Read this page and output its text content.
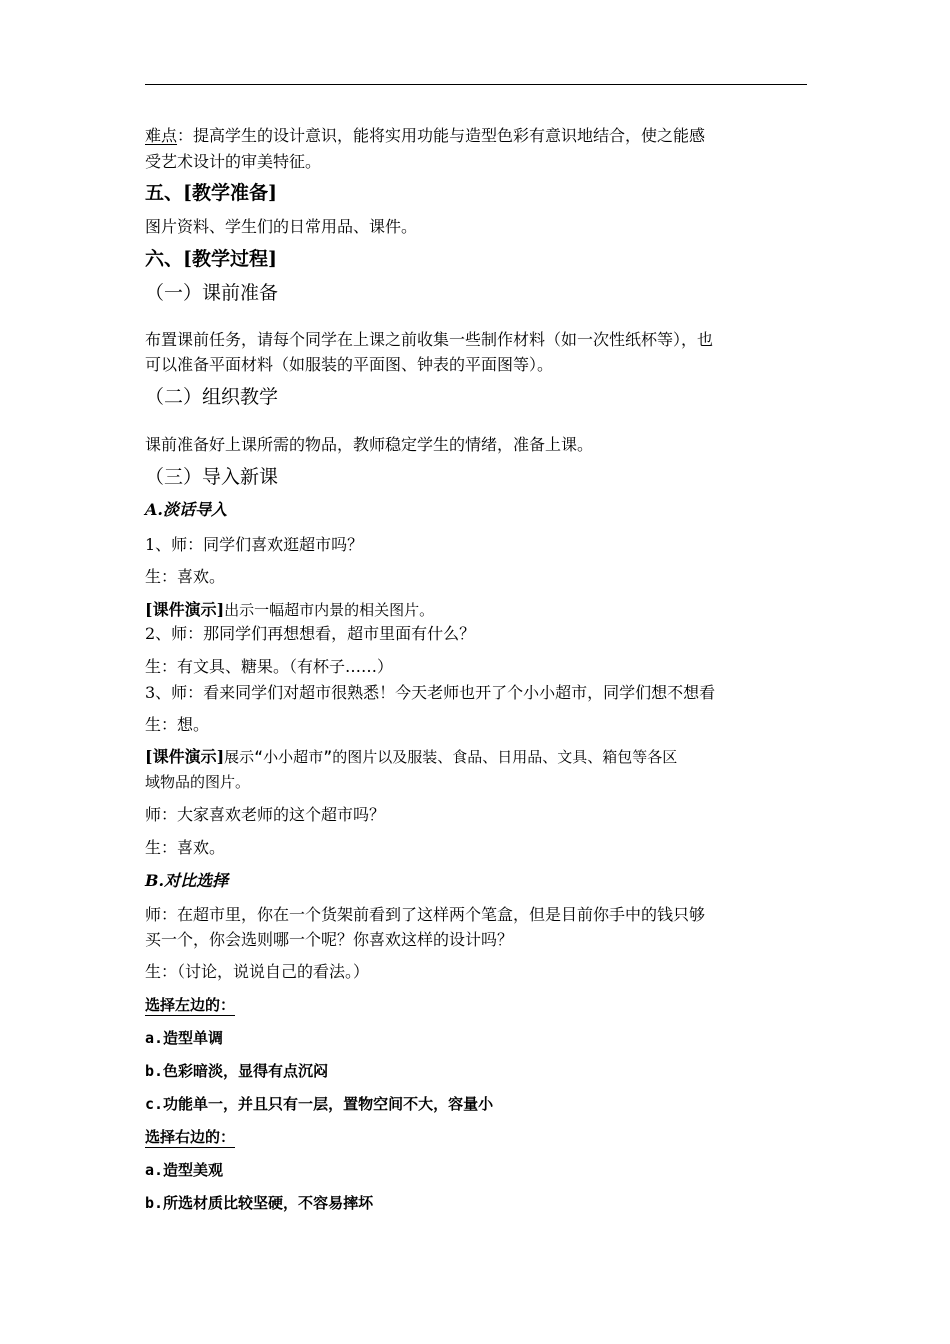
难点：提高学生的设计意识，能将实用功能与造型色彩有意识地结合，使之能感
受艺术设计的审美特征。
五、[教学准备]
图片资料、学生们的日常用品、课件。
六、[教学过程]
（一）课前准备
布置课前任务，请每个同学在上课之前收集一些制作材料（如一次性纸杯等），也
可以准备平面材料（如服装的平面图、钟表的平面图等）。
（二）组织教学
课前准备好上课所需的物品，教师稳定学生的情绪，准备上课。
（三）导入新课
A.淡话导入
1、师：同学们喜欢逛超市吗？
生：喜欢。
[课件演示]出示一幅超市内景的相关图片。
2、师：那同学们再想想看，超市里面有什么？
生：有文具、糖果。（有杯子……）
3、师：看来同学们对超市很熟悉！今天老师也开了个小小超市，同学们想不想看
生：想。
[课件演示]展示“小小超市”的图片以及服装、食品、日用品、文具、箱包等各区
域物品的图片。
师：大家喜欢老师的这个超市吗？
生：喜欢。
B.对比选择
师：在超市里，你在一个货架前看到了这样两个笔盒，但是目前你手中的钱只够
买一个，你会选则哪一个呢？你喜欢这样的设计吗？
生：（讨论，说说自己的看法。）
选择左边的：
a.造型单调
b.色彩暗淡，显得有点沉闷
c.功能单一，并且只有一层，置物空间不大，容量小
选择右边的：
a.造型美观
b.所选材质比较坚硬，不容易摔坏
